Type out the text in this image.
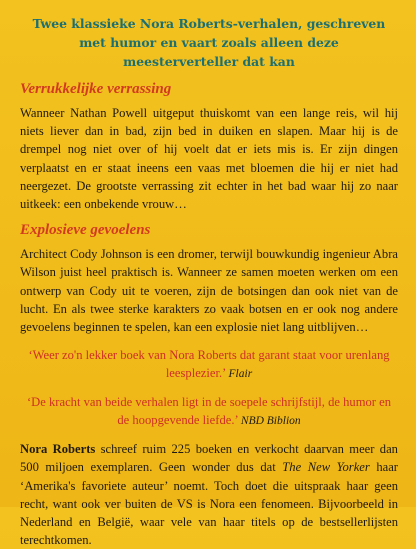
Twee klassieke Nora Roberts-verhalen, geschreven met humor en vaart zoals alleen deze meesterverteller dat kan

Verrukkelijke verrassing

Wanneer Nathan Powell uitgeput thuiskomt van een lange reis, wil hij niets liever dan in bad, zijn bed in duiken en slapen. Maar hij is de drempel nog niet over of hij voelt dat er iets mis is. Er zijn dingen verplaatst en er staat ineens een vaas met bloemen die hij er niet had neergezet. De grootste verrassing zit echter in het bad waar hij zo naar uitkeek: een onbekende vrouw…

Explosieve gevoelens

Architect Cody Johnson is een dromer, terwijl bouwkundig ingenieur Abra Wilson juist heel praktisch is. Wanneer ze samen moeten werken om een ontwerp van Cody uit te voeren, zijn de botsingen dan ook niet van de lucht. En als twee sterke karakters zo vaak botsen en er ook nog andere gevoelens beginnen te spelen, kan een explosie niet lang uitblijven…

‘Weer zo'n lekker boek van Nora Roberts dat garant staat voor urenlang leesplezier.’ Flair

‘De kracht van beide verhalen ligt in de soepele schrijfstijl, de humor en de hoopgevende liefde.’ NBD Biblion

Nora Roberts schreef ruim 225 boeken en verkocht daarvan meer dan 500 miljoen exemplaren. Geen wonder dus dat The New Yorker haar ‘Amerika's favoriete auteur’ noemt. Toch doet die uitspraak haar geen recht, want ook ver buiten de VS is Nora een fenomeen. Bijvoorbeeld in Nederland en België, waar vele van haar titels op de bestsellerlijsten terechtkomen.
